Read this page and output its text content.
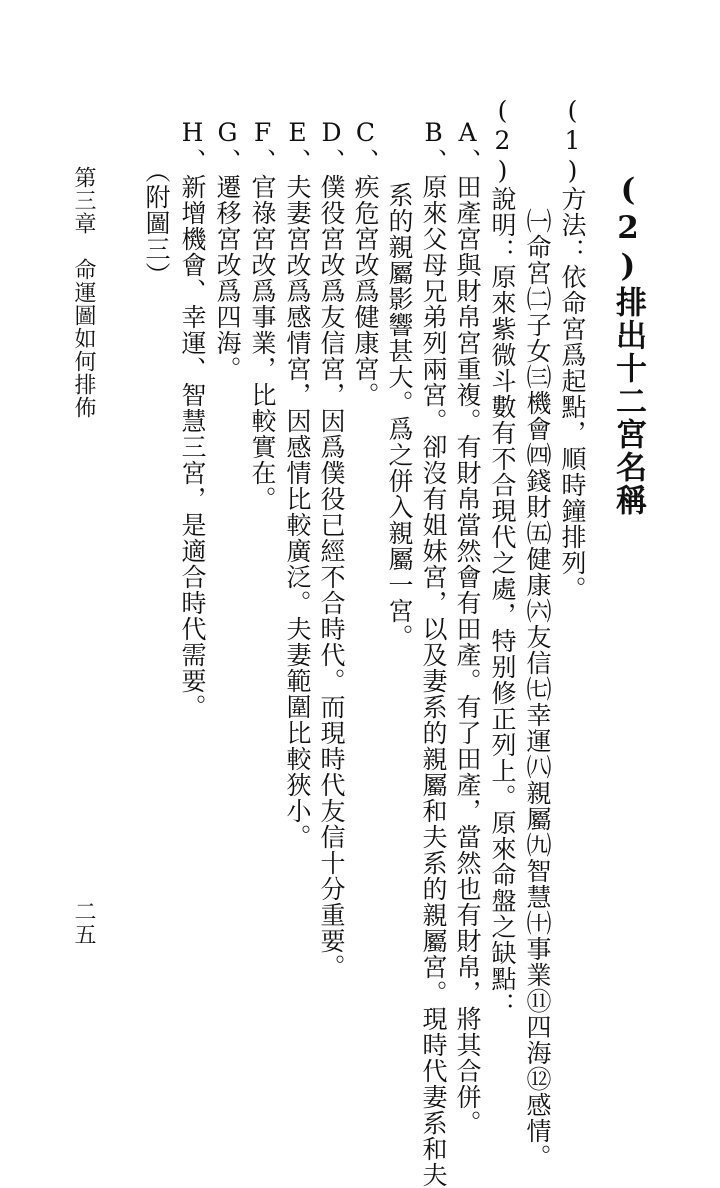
(2)排出十二宮名稱
(1)方法：依命宮爲起點，順時鐘排列。
㈠命宮㈡子女㈢機會㈣錢財㈤健康㈥友信㈦幸運㈧親屬㈨智慧㈩事業⑪四海⑫感情。
(2)說明：原來紫微斗數有不合現代之處，特别修正列上。原來命盤之缺點：
A、田產宮與財帛宮重複。有財帛當然會有田產。有了田產，當然也有財帛，將其合併。
B、原來父母兄弟列兩宮。卻沒有姐妹宮，以及妻系的親屬和夫系的親屬宮。現時代妻系和夫
系的親屬影響甚大。爲之併入親屬一宮。
C、疾危宮改爲健康宮。
D、僕役宮改爲友信宮，因爲僕役已經不合時代。而現時代友信十分重要。
E、夫妻宮改爲感情宮，因感情比較廣泛。夫妻範圍比較狹小。
F、官祿宮改爲事業，比較實在。
G、遷移宮改爲四海。
H、新增機會、幸運、智慧三宮，是適合時代需要。
（附圖三）
第三章　命運圖如何排佈
二五
